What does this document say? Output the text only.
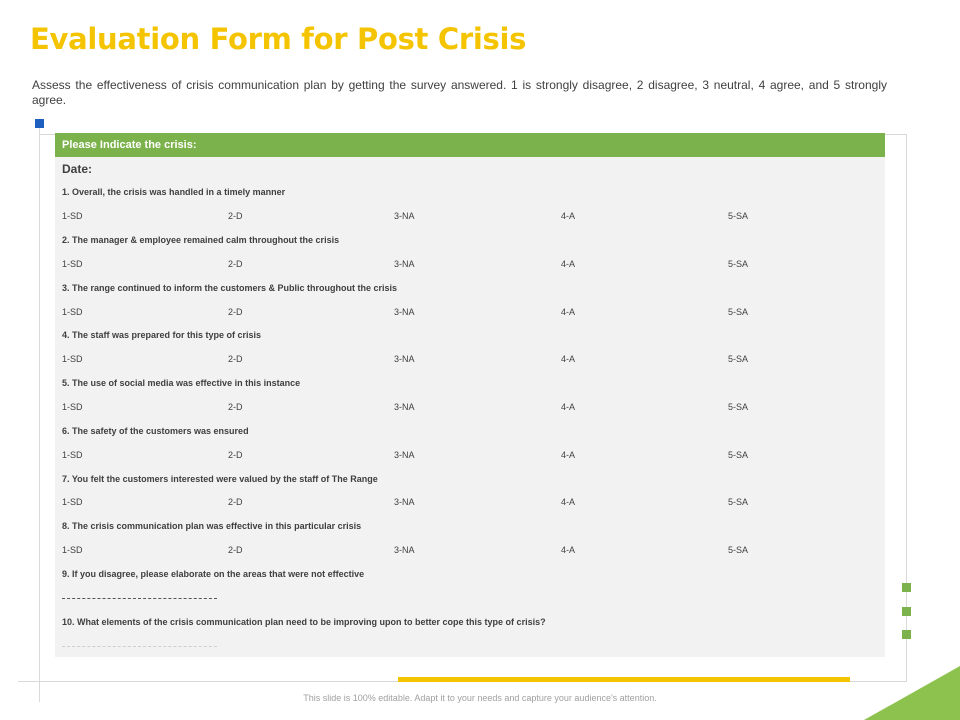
Evaluation Form for Post Crisis
Assess the effectiveness of crisis communication plan by getting the survey answered. 1 is strongly disagree, 2 disagree, 3 neutral, 4 agree, and 5 strongly agree.
Please Indicate the crisis:
Date:
1. Overall, the crisis was handled in a timely manner
1-SD	2-D	3-NA	4-A	5-SA
2. The manager & employee remained calm throughout the crisis
1-SD	2-D	3-NA	4-A	5-SA
3. The range continued to inform the customers & Public throughout the crisis
1-SD	2-D	3-NA	4-A	5-SA
4. The staff was prepared for this type of crisis
1-SD	2-D	3-NA	4-A	5-SA
5. The use of social media was effective in this instance
1-SD	2-D	3-NA	4-A	5-SA
6. The safety of the customers was ensured
1-SD	2-D	3-NA	4-A	5-SA
7. You felt the customers interested were valued by the staff of The Range
1-SD	2-D	3-NA	4-A	5-SA
8. The crisis communication plan was effective in this particular crisis
1-SD	2-D	3-NA	4-A	5-SA
9. If you disagree, please elaborate on the areas that were not effective
10. What elements of the crisis communication plan need to be improving upon to better cope this type of crisis?
This slide is 100% editable. Adapt it to your needs and capture your audience's attention.
